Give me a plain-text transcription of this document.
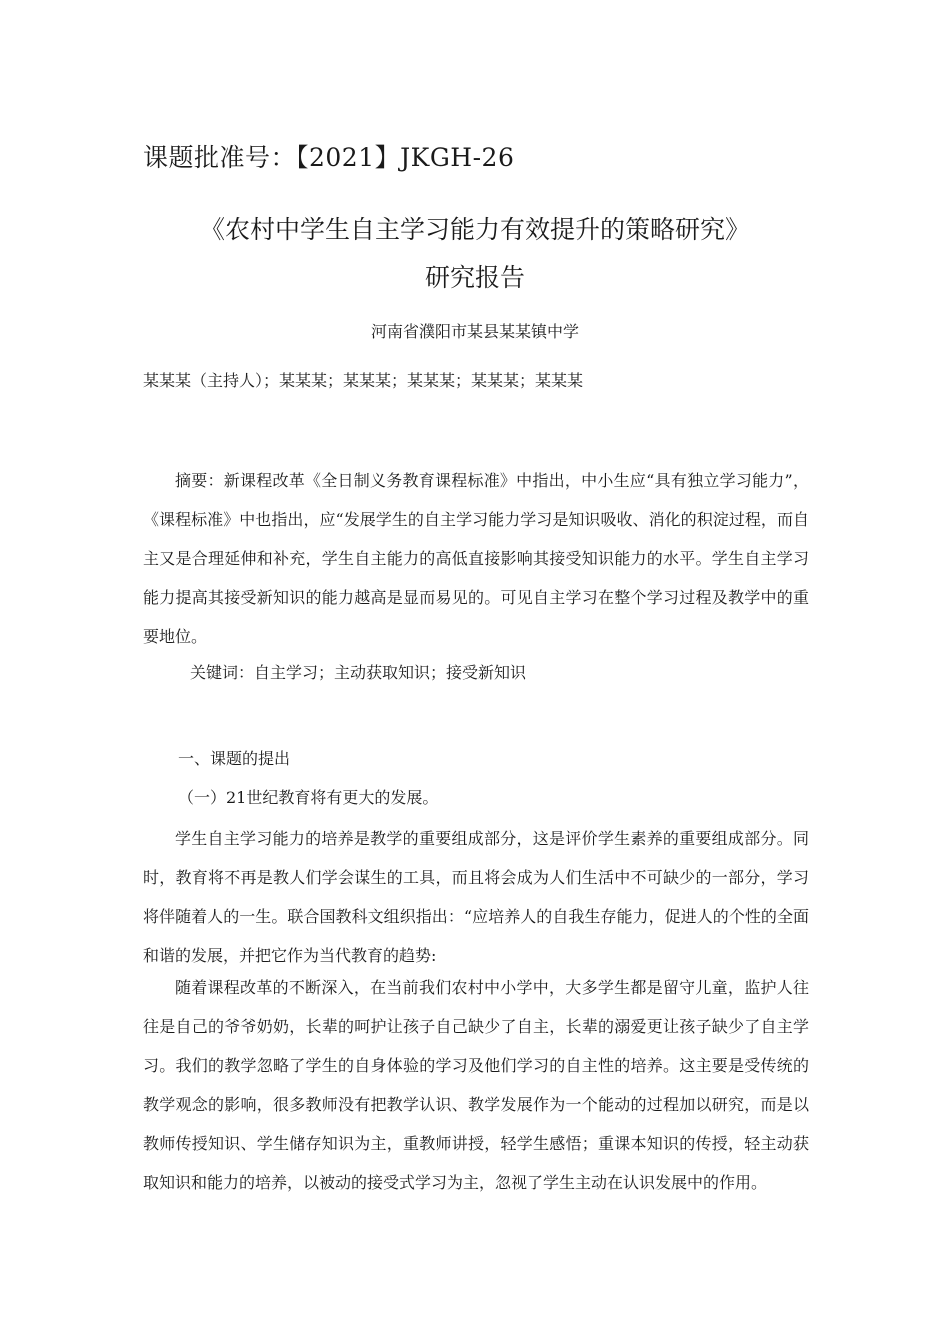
课题批准号：【2021】JKGH-26
《农村中学生自主学习能力有效提升的策略研究》
研究报告
河南省濮阳市某县某某镇中学
某某某（主持人）；某某某；某某某；某某某；某某某；某某某

摘要：新课程改革《全日制义务教育课程标准》中指出，中小生应“具有独立学习能力”，《课程标准》中也指出，应“发展学生的自主学习能力学习是知识吸收、消化的积淀过程，而自主又是合理延伸和补充，学生自主能力的高低直接影响其接受知识能力的水平。学生自主学习能力提高其接受新知识的能力越高是显而易见的。可见自主学习在整个学习过程及教学中的重要地位。

关键词：自主学习；主动获取知识；接受新知识
一、课题的提出
（一）21世纪教育将有更大的发展。

学生自主学习能力的培养是教学的重要组成部分，这是评价学生素养的重要组成部分。同时，教育将不再是教人们学会谋生的工具，而且将会成为人们生活中不可缺少的一部分，学习将伴随着人的一生。联合国教科文组织指出：“应培养人的自我生存能力，促进人的个性的全面和谐的发展，并把它作为当代教育的趋势:

随着课程改革的不断深入，在当前我们农村中小学中，大多学生都是留守儿童，监护人往往是自己的爷爷奶奶，长辈的呵护让孩子自己缺少了自主，长辈的溺爱更让孩子缺少了自主学习。我们的教学忽略了学生的自身体验的学习及他们学习的自主性的培养。这主要是受传统的教学观念的影响，很多教师没有把教学认识、教学发展作为一个能动的过程加以研究，而是以教师传授知识、学生储存知识为主，重教师讲授，轻学生感悟；重课本知识的传授，轻主动获取知识和能力的培养，以被动的接受式学习为主，忽视了学生主动在认识发展中的作用。
